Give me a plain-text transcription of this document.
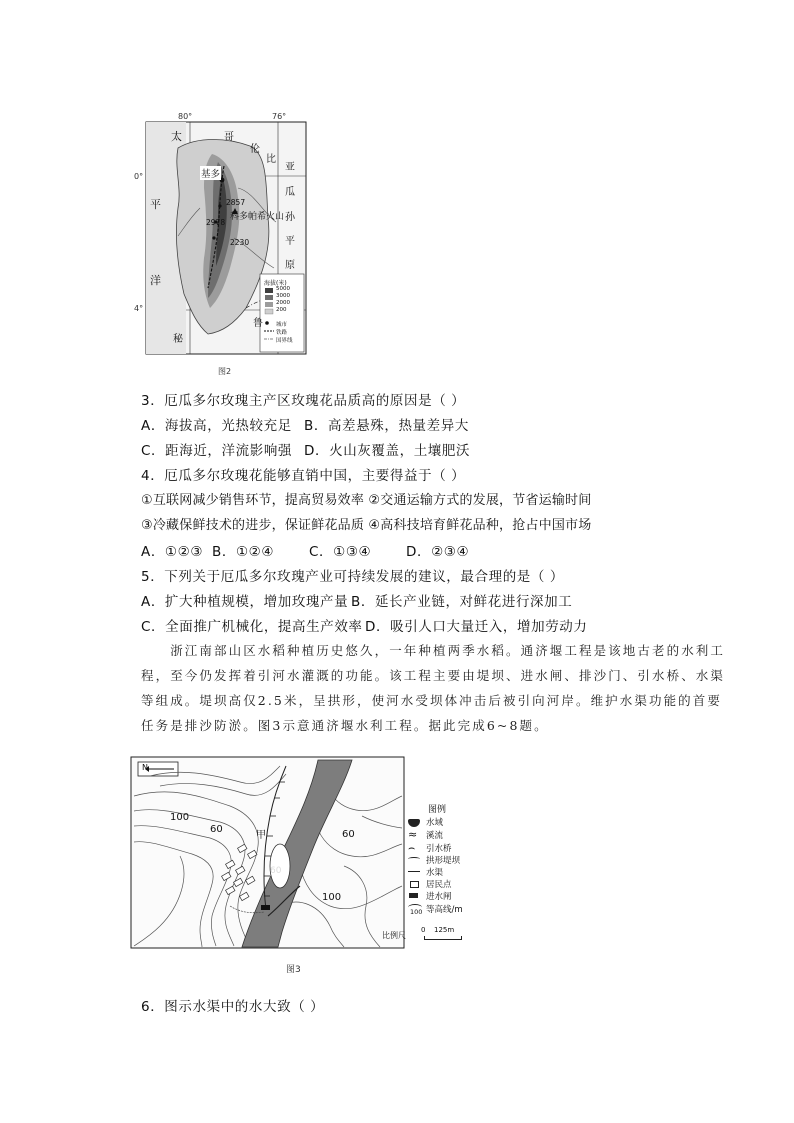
80°	76°
0°
4°
太
平
洋
哥
伦
比
亚
瓜
孙
平
原
秘
鲁
基多
科多帕希火山
2857
2978
2230
海拔(米)
5000
3000
2000
200
城市
铁路
国界线
图2
3．厄瓜多尔玫瑰主产区玫瑰花品质高的原因是（ ）
A．海拔高，光热较充足 B．高差悬殊，热量差异大
C．距海近，洋流影响强 D．火山灰覆盖，土壤肥沃
4．厄瓜多尔玫瑰花能够直销中国，主要得益于（ ）
①互联网减少销售环节，提高贸易效率 ②交通运输方式的发展，节省运输时间
③冷藏保鲜技术的进步，保证鲜花品质 ④高科技培育鲜花品种，抢占中国市场
A．①②③ B．①②④	C．①③④	D．②③④
5．下列关于厄瓜多尔玫瑰产业可持续发展的建议，最合理的是（ ）
A．扩大种植规模，增加玫瑰产量 B．延长产业链，对鲜花进行深加工
C．全面推广机械化，提高生产效率 D．吸引人口大量迁入，增加劳动力
　　浙江南部山区水稻种植历史悠久，一年种植两季水稻。通济堰工程是该地古老的水利工
程，至今仍发挥着引河水灌溉的功能。该工程主要由堤坝、进水闸、排沙门、引水桥、水渠
等组成。堤坝高仅2.5米，呈拱形，使河水受坝体冲击后被引向河岸。维护水渠功能的首要
任务是排沙防淤。图3示意通济堰水利工程。据此完成6~8题。
N
100
60	60
100
60
甲
图例
水域
≈ 溪流
⌢ 引水桥
拱形堤坝
水渠
居民点
进水闸
100 等高线/m
比例尺
0 125m
图3
6．图示水渠中的水大致（ ）
